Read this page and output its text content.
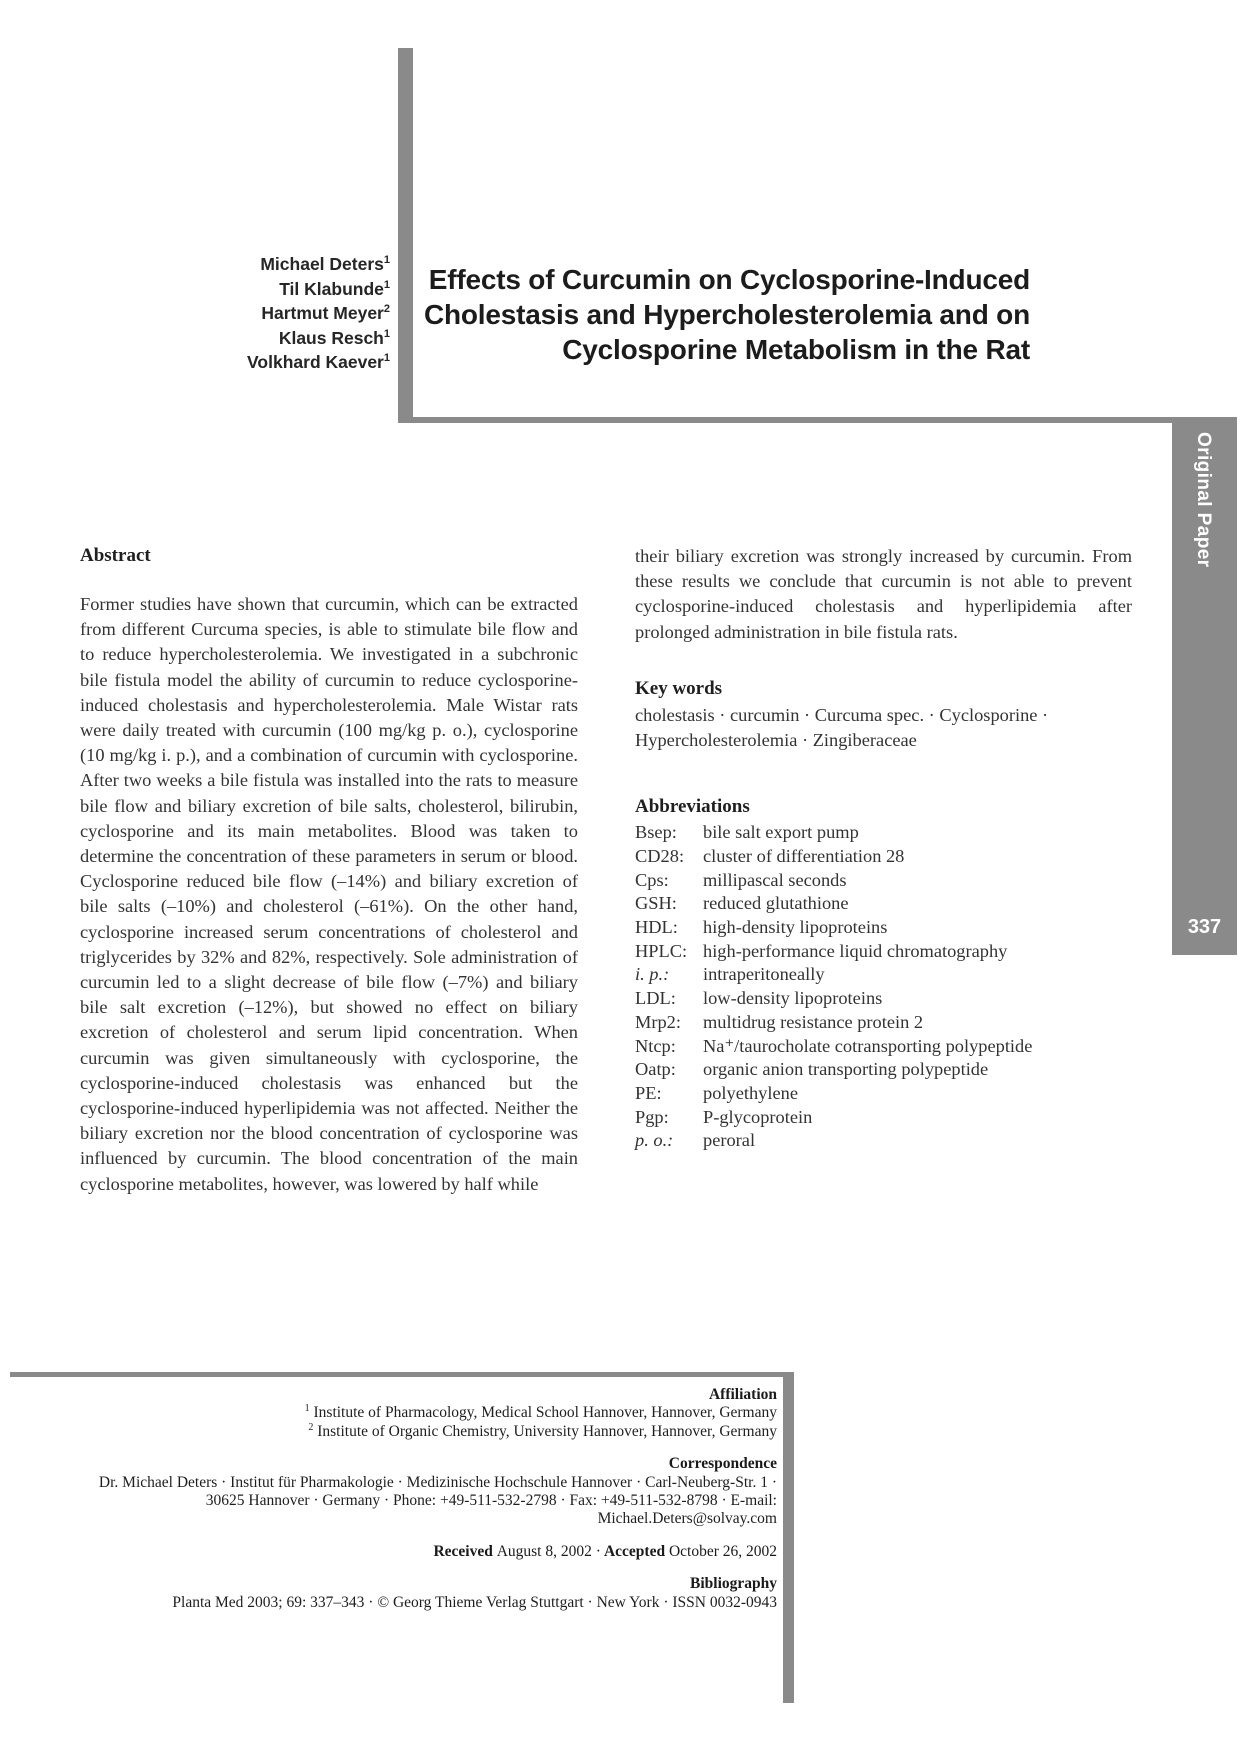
Michael Deters$^1$
Til Klabunde$^1$
Hartmut Meyer$^2$
Klaus Resch$^1$
Volkhard Kaever$^1$
Effects of Curcumin on Cyclosporine-Induced
Cholestasis and Hypercholesterolemia and on
Cyclosporine Metabolism in the Rat
Original Paper
337
Abstract

Former studies have shown that curcumin, which can be extracted from different Curcuma species, is able to stimulate bile flow and to reduce hypercholesterolemia. We investigated in a subchronic bile fistula model the ability of curcumin to reduce cyclosporine-induced cholestasis and hypercholesterolemia. Male Wistar rats were daily treated with curcumin (100 mg/kg p. o.), cyclosporine (10 mg/kg i. p.), and a combination of curcumin with cyclosporine. After two weeks a bile fistula was installed into the rats to measure bile flow and biliary excretion of bile salts, cholesterol, bilirubin, cyclosporine and its main metabolites. Blood was taken to determine the concentration of these parameters in serum or blood. Cyclosporine reduced bile flow (–14%) and biliary excretion of bile salts (–10%) and cholesterol (–61%). On the other hand, cyclosporine increased serum concentrations of cholesterol and triglycerides by 32% and 82%, respectively. Sole administration of curcumin led to a slight decrease of bile flow (–7%) and biliary bile salt excretion (–12%), but showed no effect on biliary excretion of cholesterol and serum lipid concentration. When curcumin was given simultaneously with cyclosporine, the cyclosporine-induced cholestasis was enhanced but the cyclosporine-induced hyperlipidemia was not affected. Neither the biliary excretion nor the blood concentration of cyclosporine was influenced by curcumin. The blood concentration of the main cyclosporine metabolites, however, was lowered by half while

their biliary excretion was strongly increased by curcumin. From these results we conclude that curcumin is not able to prevent cyclosporine-induced cholestasis and hyperlipidemia after prolonged administration in bile fistula rats.

Key words

cholestasis · curcumin · Curcuma spec. · Cyclosporine · Hypercholesterolemia · Zingiberaceae

Abbreviations
Bsep:	bile salt export pump
CD28:	cluster of differentiation 28
Cps:	millipascal seconds
GSH:	reduced glutathione
HDL:	high-density lipoproteins
HPLC: high-performance liquid chromatography
i. p.:	intraperitoneally
LDL:	low-density lipoproteins
Mrp2:	multidrug resistance protein 2
Ntcp:	Na⁺/taurocholate cotransporting polypeptide
Oatp:	organic anion transporting polypeptide
PE:	polyethylene
Pgp:	P-glycoprotein
p. o.:	peroral
Affiliation

$^1$ Institute of Pharmacology, Medical School Hannover, Hannover, Germany

$^2$ Institute of Organic Chemistry, University Hannover, Hannover, Germany

Correspondence

Dr. Michael Deters · Institut für Pharmakologie · Medizinische Hochschule Hannover · Carl-Neuberg-Str. 1 · 30625 Hannover · Germany · Phone: +49-511-532-2798 · Fax: +49-511-532-8798 · E-mail: Michael.Deters@solvay.com

Received August 8, 2002 · Accepted October 26, 2002
Bibliography

Planta Med 2003; 69: 337–343 · © Georg Thieme Verlag Stuttgart · New York · ISSN 0032-0943
